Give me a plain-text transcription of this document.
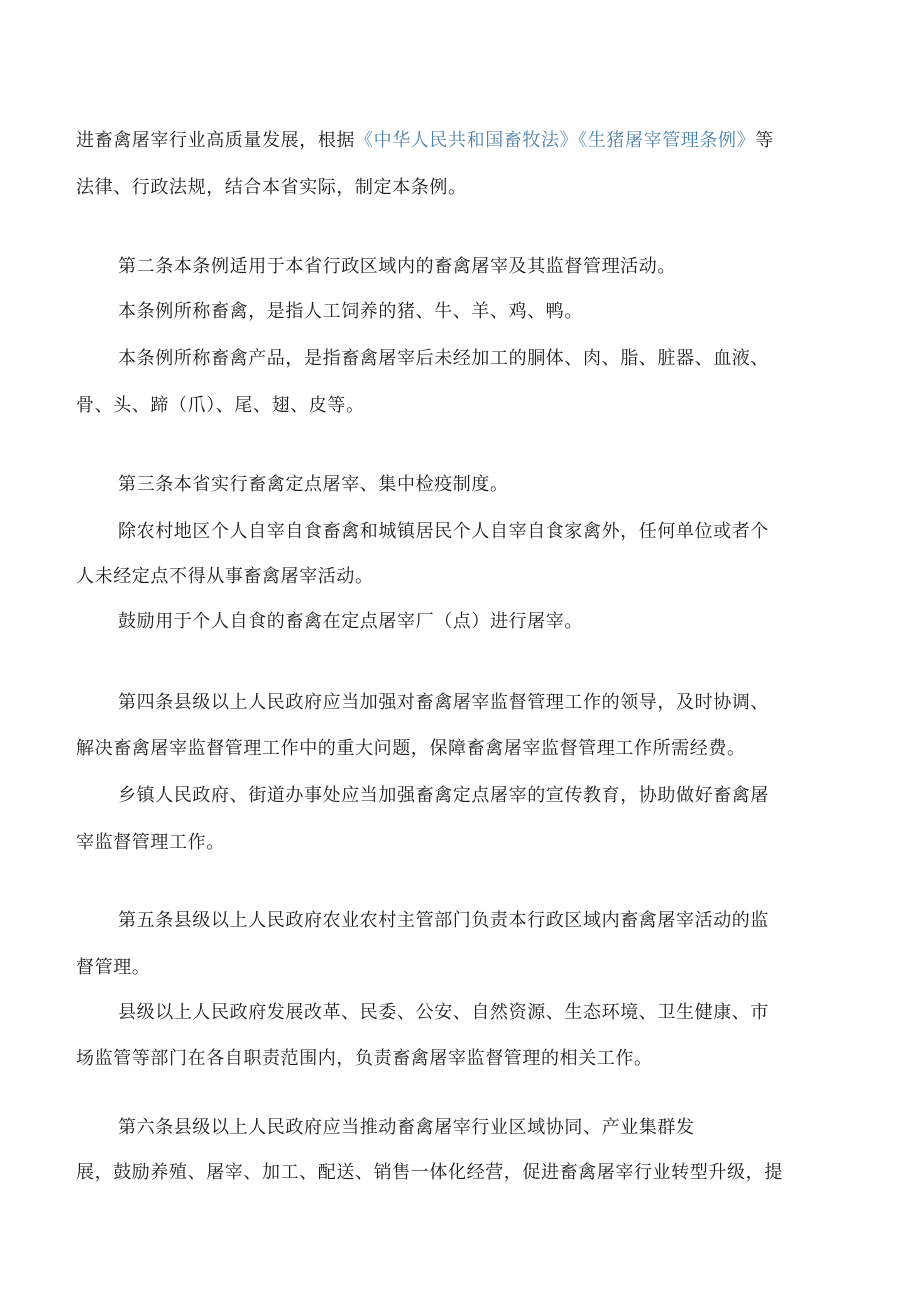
进畜禽屠宰行业高质量发展，根据《中华人民共和国畜牧法》《生猪屠宰管理条例》等
法律、行政法规，结合本省实际，制定本条例。
第二条本条例适用于本省行政区域内的畜禽屠宰及其监督管理活动。
本条例所称畜禽，是指人工饲养的猪、牛、羊、鸡、鸭。
本条例所称畜禽产品，是指畜禽屠宰后未经加工的胴体、肉、脂、脏器、血液、
骨、头、蹄（爪）、尾、翅、皮等。
第三条本省实行畜禽定点屠宰、集中检疫制度。
除农村地区个人自宰自食畜禽和城镇居民个人自宰自食家禽外，任何单位或者个
人未经定点不得从事畜禽屠宰活动。
鼓励用于个人自食的畜禽在定点屠宰厂（点）进行屠宰。
第四条县级以上人民政府应当加强对畜禽屠宰监督管理工作的领导，及时协调、
解决畜禽屠宰监督管理工作中的重大问题，保障畜禽屠宰监督管理工作所需经费。
乡镇人民政府、街道办事处应当加强畜禽定点屠宰的宣传教育，协助做好畜禽屠
宰监督管理工作。
第五条县级以上人民政府农业农村主管部门负责本行政区域内畜禽屠宰活动的监
督管理。
县级以上人民政府发展改革、民委、公安、自然资源、生态环境、卫生健康、市
场监管等部门在各自职责范围内，负责畜禽屠宰监督管理的相关工作。
第六条县级以上人民政府应当推动畜禽屠宰行业区域协同、产业集群发
展，鼓励养殖、屠宰、加工、配送、销售一体化经营，促进畜禽屠宰行业转型升级，提
